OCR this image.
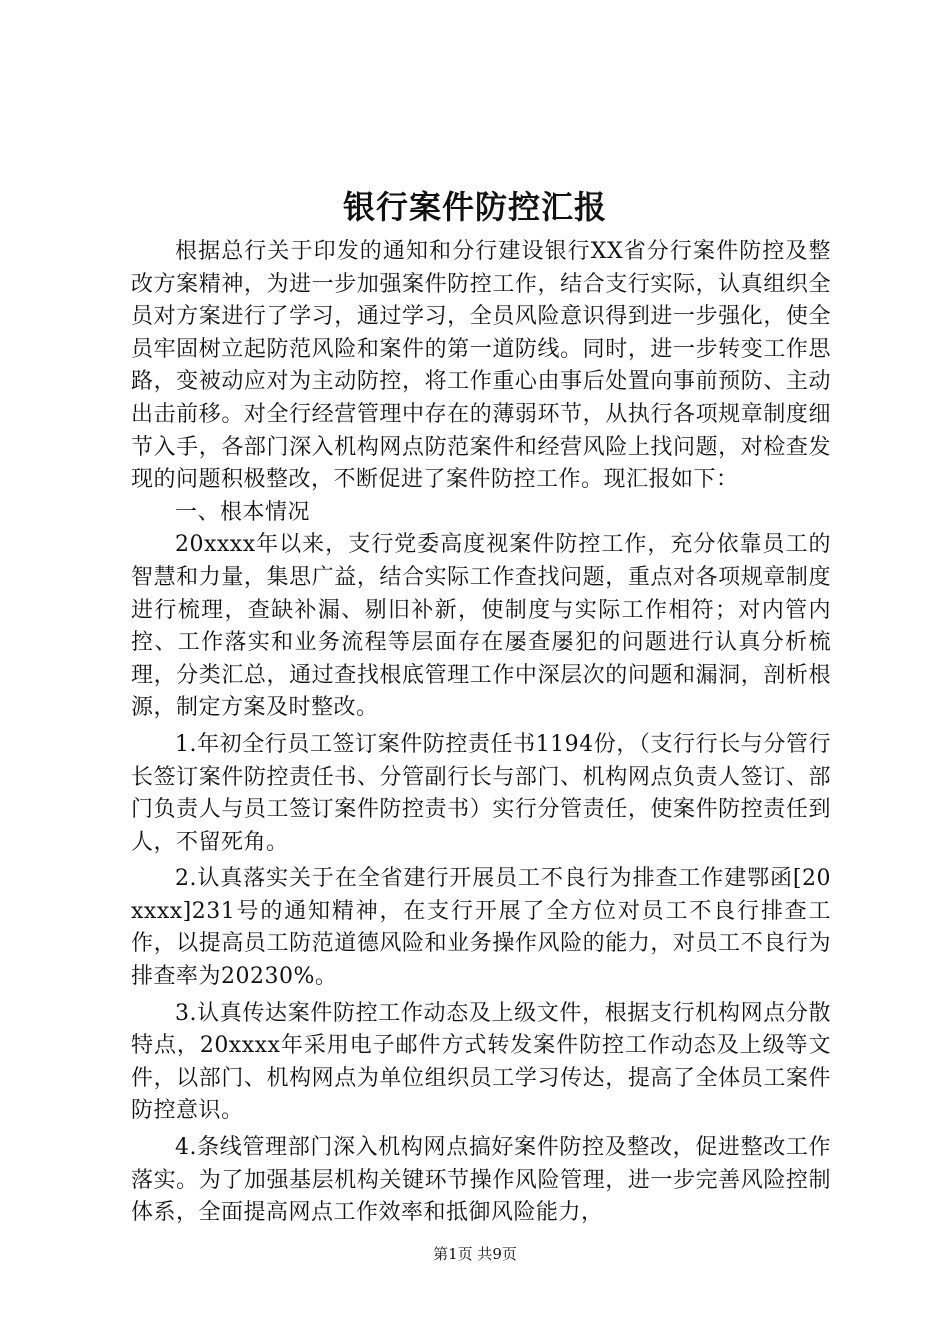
银行案件防控汇报

根据总行关于印发的通知和分行建设银行XX省分行案件防控及整改方案精神，为进一步加强案件防控工作，结合支行实际，认真组织全员对方案进行了学习，通过学习，全员风险意识得到进一步强化，使全员牢固树立起防范风险和案件的第一道防线。同时，进一步转变工作思路，变被动应对为主动防控，将工作重心由事后处置向事前预防、主动出击前移。对全行经营管理中存在的薄弱环节，从执行各项规章制度细节入手，各部门深入机构网点防范案件和经营风险上找问题，对检查发现的问题积极整改，不断促进了案件防控工作。现汇报如下：

一、根本情况

20xxxx年以来，支行党委高度视案件防控工作，充分依靠员工的智慧和力量，集思广益，结合实际工作查找问题，重点对各项规章制度进行梳理，查缺补漏、剔旧补新，使制度与实际工作相符；对内管内控、工作落实和业务流程等层面存在屡查屡犯的问题进行认真分析梳理，分类汇总，通过查找根底管理工作中深层次的问题和漏洞，剖析根源，制定方案及时整改。

1.年初全行员工签订案件防控责任书1194份，（支行行长与分管行长签订案件防控责任书、分管副行长与部门、机构网点负责人签订、部门负责人与员工签订案件防控责书）实行分管责任，使案件防控责任到人，不留死角。

2.认真落实关于在全省建行开展员工不良行为排查工作建鄂函[20xxxx]231号的通知精神，在支行开展了全方位对员工不良行排查工作，以提高员工防范道德风险和业务操作风险的能力，对员工不良行为排查率为20230%。

3.认真传达案件防控工作动态及上级文件，根据支行机构网点分散特点，20xxxx年采用电子邮件方式转发案件防控工作动态及上级等文件，以部门、机构网点为单位组织员工学习传达，提高了全体员工案件防控意识。

4.条线管理部门深入机构网点搞好案件防控及整改，促进整改工作落实。为了加强基层机构关键环节操作风险管理，进一步完善风险控制体系，全面提高网点工作效率和抵御风险能力，

第1页 共9页
